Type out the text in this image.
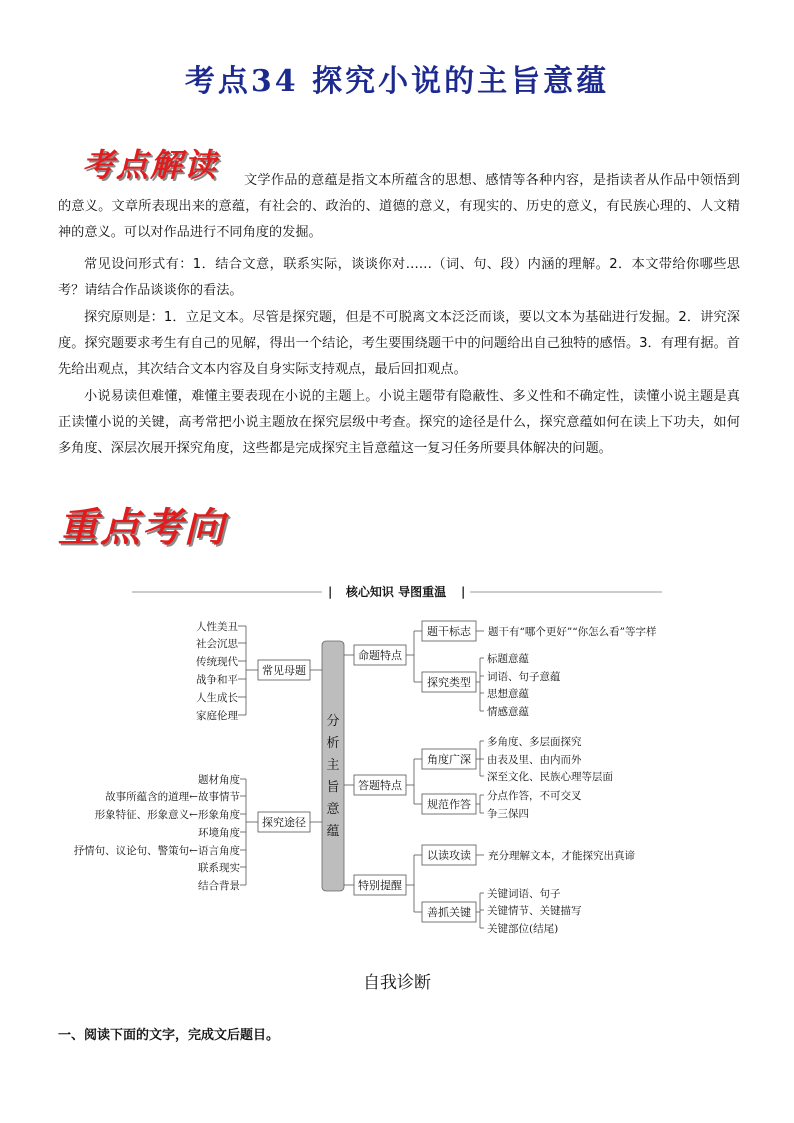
考点34 探究小说的主旨意蕴
考点解读	文学作品的意蕴是指文本所蕴含的思想、感情等各种内容，是指读者从作品中领悟到的意义。文章所表现出来的意蕴，有社会的、政治的、道德的意义，有现实的、历史的意义，有民族心理的、人文精神的意义。可以对作品进行不同角度的发掘。
常见设问形式有：1．结合文意，联系实际，谈谈你对……（词、句、段）内涵的理解。2．本文带给你哪些思考？请结合作品谈谈你的看法。
探究原则是：1．立足文本。尽管是探究题，但是不可脱离文本泛泛而谈，要以文本为基础进行发掘。2．讲究深度。探究题要求考生有自己的见解，得出一个结论，考生要围绕题干中的问题给出自己独特的感悟。3．有理有据。首先给出观点，其次结合文本内容及自身实际支持观点，最后回扣观点。
小说易读但难懂，难懂主要表现在小说的主题上。小说主题带有隐蔽性、多义性和不确定性，读懂小说主题是真正读懂小说的关键，高考常把小说主题放在探究层级中考查。探究的途径是什么，探究意蕴如何在读上下功夫，如何多角度、深层次展开探究角度，这些都是完成探究主旨意蕴这一复习任务所要具体解决的问题。
重点考向
核心知识 导图重温
|	|
分
析
主
旨
意
蕴
常见母题
人性美丑
社会沉思
传统现代
战争和平
人生成长
家庭伦理
探究途径
题材角度
故事所蕴含的道理←故事情节
形象特征、形象意义←形象角度
环境角度
抒情句、议论句、警策句←语言角度
联系现实
结合背景
命题特点
答题特点
特别提醒
题干标志 题干有“哪个更好”“你怎么看”等字样
探究类型
标题意蕴
词语、句子意蕴
思想意蕴
情感意蕴
角度广深
多角度、多层面探究
由表及里、由内而外
深至文化、民族心理等层面
规范作答
分点作答，不可交叉
争三保四
以读攻读 充分理解文本，才能探究出真谛
善抓关键
关键词语、句子
关键情节、关键描写
关键部位(结尾)
自我诊断
一、阅读下面的文字，完成文后题目。
